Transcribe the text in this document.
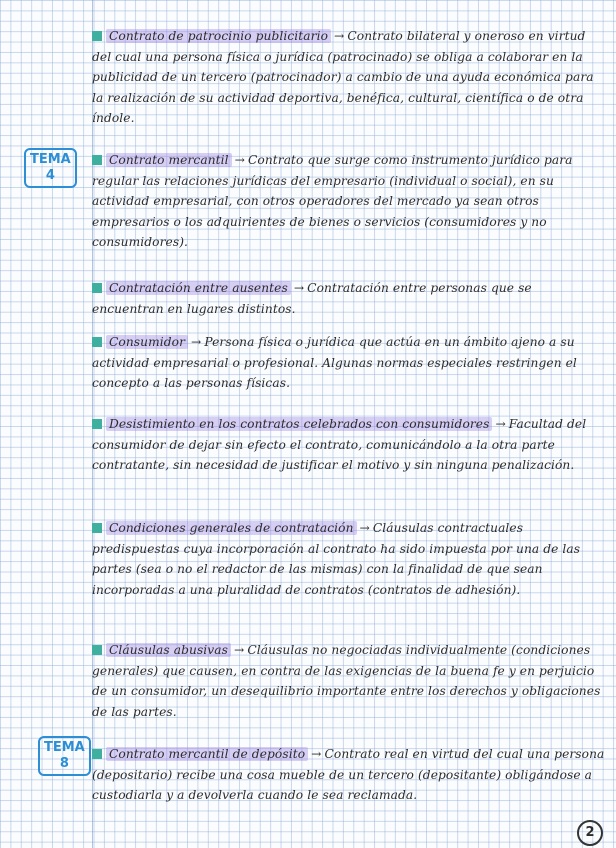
TEMA
4
TEMA
8
Contrato de patrocinio publicitario → Contrato bilateral y oneroso en virtud del cual una persona física o jurídica (patrocinado) se obliga a colaborar en la publicidad de un tercero (patrocinador) a cambio de una ayuda económica para la realización de su actividad deportiva, benéfica, cultural, científica o de otra índole.
Contrato mercantil → Contrato que surge como instrumento jurídico para regular las relaciones jurídicas del empresario (individual o social), en su actividad empresarial, con otros operadores del mercado ya sean otros empresarios o los adquirientes de bienes o servicios (consumidores y no consumidores).
Contratación entre ausentes → Contratación entre personas que se encuentran en lugares distintos.
Consumidor → Persona física o jurídica que actúa en un ámbito ajeno a su actividad empresarial o profesional. Algunas normas especiales restringen el concepto a las personas físicas.
Desistimiento en los contratos celebrados con consumidores → Facultad del consumidor de dejar sin efecto el contrato, comunicándolo a la otra parte contratante, sin necesidad de justificar el motivo y sin ninguna penalización.
Condiciones generales de contratación → Cláusulas contractuales predispuestas cuya incorporación al contrato ha sido impuesta por una de las partes (sea o no el redactor de las mismas) con la finalidad de que sean incorporadas a una pluralidad de contratos (contratos de adhesión).
Cláusulas abusivas → Cláusulas no negociadas individualmente (condiciones generales) que causen, en contra de las exigencias de la buena fe y en perjuicio de un consumidor, un desequilibrio importante entre los derechos y obligaciones de las partes.
Contrato mercantil de depósito → Contrato real en virtud del cual una persona (depositario) recibe una cosa mueble de un tercero (depositante) obligándose a custodiarla y a devolverla cuando le sea reclamada.
2
